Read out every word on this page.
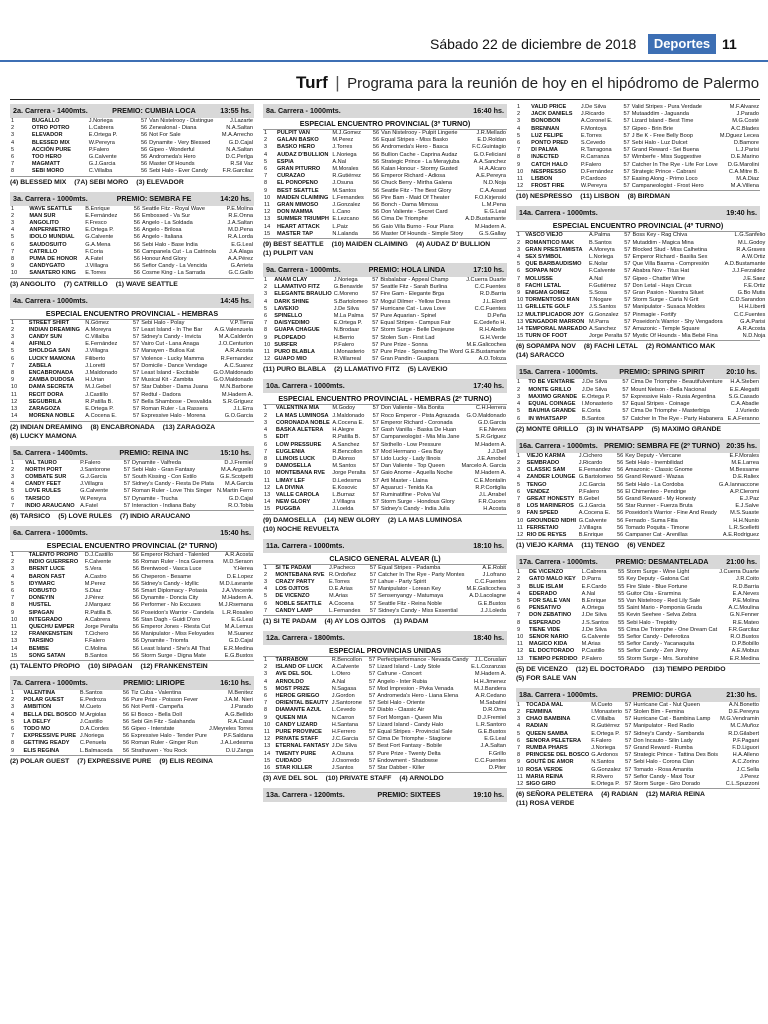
Sábado 22 de diciembre de 2018	Deportes 11
Turf | Programa para la reunión de hoy en el hipódromo de Palermo
2a. Carrera - 1400mts.	PREMIO: CUMBIA LOCA	13:55 hs.
1	BUGALLO	J.Noriega	57	Van Nistelrooy - Distingue	J.Lazarte
2	OTRO POTRO	L.Cabrera	56	Zenealonal - Diana	N.A.Saltan
3	ELEVADOR	E.Ortega P.	56	Not For Sale	M.A.Arrecho
4	BLESSED MIX	W.Pereyra	56	Dynamite - Very Blessed	G.D.Cajal
5	ACCIÓN PURE	P.Falero	56	Gipeo - Wonderful	N.A.Saltan
6	TOO HERO	G.Calvente	56	Andromeda's Hero	D.C.Perlga
7	MAGMATT	G.J.Garcia	56	Master Of Hounds	R.Sil Vaz
8	SEBI MORO	C.Villalba	56	Sebi Halo - Ever Candy	F.R.Garcilaz
(4) BLESSED MIX (7A) SEBI MORO (3) ELEVADOR
3a. Carrera - 1000mts.	PREMIO: SEMBRA FE	14:20 hs.
1	WAVE SEATTLE	B.Enrique	56	Seattle Fitz - Royal Wave	P.E.Molina
2	MAN SUR	E.Fernández	56	Embossed - Va Sur	R.E.Onna
3	ANGOLITO	F.Fresco	56	Angelo - La Soldada	J.A.Saltan
4	ANPERNIETRO	E.Ortega P.	56	Angelo - Brilosa	M.D.Pena
5	IDOLO MUNDIAL	G.Calvente	56	Angelo - Italiana	R.A.Lorda
6	SAUDOSUITO	G.A.Mena	56	Sebi Halo - Base India	E.G.Leal
7	CATRILLO	F.Coria	56	Campanela Cut - La Catrinola	J.A.Alaga
8	PUMA DE HONOR	A.Fatel	56	Honour And Glory	A.A.Pérez
9	CANDYGATO	J.Villagra	56	Sefior Candy - La Vencida	G.Arrieta
10	SANATERO KING	E.Torres	56	Cosme King - La Sarrada	G.C.Gallo
(3) ANGOLITO (7) CATRILLO (1) WAVE SEATTLE
4a. Carrera - 1000mts.	14:45 hs.
ESPECIAL ENCUENTRO PROVINCIAL - HEMBRAS
1	STREET SHIRT	N.Gómez	57	Sebi Halo - Polay	V.P.Tiena
2	INDIAN DREAMING	A.Moreyra	57	Least Island - In The Bar	A.G.Valenzuela
3	CANDY SUN	C.Villalba	57	Sidney's Candy - Invicta	M.A.Calderón
4	AIFINLO	E.Fernández	57	Vairo Cut - Lana Anaga	J.O.Centurion
5	SHOLDGA SAN	J.Villagra	57	Manayen - Bulloa Kat	A.R.Acosta
6	LUCKY MAMONA	Filiberto	57	Violence - Lucky Mamma	R.Fernandez
7	ZABELA	J.Loretti	57	Domicile - Dance Vendage	A.C.Suarez
8	ENCABRONADA	J.Maldonado	57	Least Island - Excitable	G.O.Maldonado
9	ZAMBA DUDOSA	H.Urian	57	Musical Kit - Zambita	G.O.Maldonado
10	DAMA SECRETA	M.J.Gebel	57	Star Dabber - Dama Juana	M.N.Barbone
11	RECIT DORA	J.Castillo	57	Redtul - Dadora	M.Hadern A.
12	SEGUBRILA	R.Patilla B.	57	Bella Shambose - Desvalida	S.R.Griguez
13	ZARAGOZA	E.Ortega P.	57	Roman Ruler - La Rassera	J.L.Erra
14	MORENA NOBLE	A.Cocena E.	57	Expressive Halo - Morena	G.O.Garcia
(2) INDIAN DREAMING (8) ENCABRONADA (13) ZARAGOZA
(6) LUCKY MAMONA
5a. Carrera - 1400mts.	PREMIO: REINA INC	15:10 hs.
1	VAL TAURO	P.Falero	57	Dynamite - Valfreda	D.J.Fremiel
2	NORTH PORT	J.Santorone	57	Sebi Halo - Gran Fantasy	M.A.Arguello
3	COMBATE SUR	G.J.Garcia	57	South Kissing - Con Estilo	G.E.Scotpetti
4	CANDY FEET	J.Villagra	57	Sidney's Candy - Fiesta De Plata	M.A.Garcia
5	LOVE RULES	G.Calvente	57	Roman Ruler - Love This Singer	N.Martin Ferro
6	TARSICO	W.Pereyra	57	Dynamite - Trucha	G.D.Cajal
7	INDIO ARAUCANO	A.Fatel	57	Interaction - Indiana Baby	R.O.Tobia
(6) TARSICO (5) LOVE RULES (7) INDIO ARAUCANO
6a. Carrera - 1000mts.	15:40 hs.
ESPECIAL ENCUENTRO PROVINCIAL (2º TURNO)
1	TALENTO PROPIO	D.J.Castillo	56	Emperor Richard - Talented	A.R.Acosta
2	INDIO GUERRERO	F.Calvente	56	Roman Ruler - Inca Guerrera	M.D.Seraon
3	BRENT LUCE	S.Vera	56	Brentwood - Vasca Luce	Y.Herea
4	BARON FAST	A.Castro	56	Cheperon - Besame	D.E.Lopez
5	IDYMARC	M.Perez	56	Sidney's Candy - Idyllic	M.D.Lavrante
6	ROBUSTO	S.Diaz	56	Smart Diplomacy - Potasia	J.A.Vincente
7	DONEYIN	J.Pérez	56	Dynamite - Doncia City	M.Hadern A.
8	HUSTEL	J.Marquez	56	Performer - No Excuses	M.J.Rsemana
9	SIPAGAN	R.Patilla B.	56	Poseidon's Warrior - Candela	L.R.Rosaleo
10	INTEGRADO	A.Cabrera	56	Stan Dagh - Guidi D'oro	E.G.Leal
11	QUECHU EMPER	Jorge Peralta	56	Emperor Jones - Riesta Cut	M.A.Lemus
12	FRANKENSTEIN	T.Cichero	56	Manipulator - Miss Feloyades	M.Suanez
13	TARSINO	F.Falero	56	Dynamite - Triomfa	G.D.Cajal
14	BEMBE	C.Molina	56	Least Island - She's All That	E.R.Medina
15	SONG SATAN	B.Santos	56	Storm Surge - Digna Mate	E.G.Bustos
(1) TALENTO PROPIO (10) SIPAGAN (12) FRANKENSTEIN
7a. Carrera - 1000mts.	PREMIO: LIRIOPE	16:10 hs.
1	VALENTINA	B.Santos	56	Tiz Cuba - Valentina	M.Benitez
2	POLAR GUEST	E.Pedroza	56	Pure Prize - Poisson Fever	J.A.M. Nieri
3	AMBITION	M.Cueto	56	Not Perfil - Campeña	J.Parado
4	BELLA DEL BOSCO	M.Argiolas	56	El Bosco - Bella Doll	A.G.Bellido
5	LA DELFY	J.Castillo	56	Sebi Gin Fitz - Salahanda	R.A.Casal
6	TODO MO	D.A.Cordes	56	Gipeo - Interstate	J.Meyreles Torres
7	EXPRESSIVE PURE	J.Noriega	56	Expressive Halo - Tender Pure	P.F.Saldana
8	GETTING READY	C.Penuela	56	Roman Ruler - Ginger Run	J.A.Ledesma
9	ELIS REGINA	L.Balmaceda	56	Strathaven - You Rock	D.U.Zanga
(2) POLAR GUEST (7) EXPRESSIVE PURE (9) ELIS REGINA
8a. Carrera - 1000mts.	16:40 hs.
ESPECIAL ENCUENTRO PROVINCIAL (3º TURNO)
1	PULPIT VAN	M.J.Gomez	56	Van Nistelrooy - Pulpit Lingerie	J.R.Mellado
2	GALAN BASKO	M.Perez	56	Equal Stripes - Miss Basko	E.D.Roldan
3	BASKO HERO	J.Torres	56	Andromeda's Hero - Basca	F.C.Guintagio
4	AUDAZ D'BULLION	L.Noriega	56	Bullion Cache - Caprina Audaz	G.O.Feliciani
5	ESPIA	A.Nal	56	Strategic Prince - La Merayjuba	A.A.Sanchez
6	GRAN PITURRO	M.Morales	56	Kalan Honour - Stormy Gusted	H.A.Alcaro
7	CURAZAO	R.Gutiérrez	56	Emperor Richard - Adiosa	A.E.Pereyra
8	EL PONOPENO	J.Osuna	56	Chuck Berry - Mirtha Galena	N.D.Noja
9	BEST SEATTLE	M.Santos	56	Seattle Fitz - The Best Glory	C.A.Assad
10	MAIDEN CLAIMING	L.Fernandes	56	Pire Bam - Maid Of Theater	F.O.Kirjenski
11	GRAN MIMOSO	J.Gonzalez	56	Bonch - Dama Mimosa	L.M.Pena
12	DON MAMMA	L.Cano	56	Don Valiente - Secret Card	E.G.Leal
13	SUMMER TRIUMPH	E.Lezcano	56	Cima De Triomphe	A.D.Bustamante
14	HEART ATTACK	L.Paiz	56	Gaio Villa Burno - Four Plans	M.Hadern A.
15	MASTER TAP	N.Lalanda	56	Master Of Hounds - Simple Story	G.S.Gallay
(9) BEST SEATTLE (10) MAIDEN CLAIMING (4) AUDAZ D' BULLION
(1) PULPIT VAN
9a. Carrera - 1000mts.	PREMIO: HOLA LINDA	17:10 hs.
1	ANAM CLAY	J.Noriega	57	Bisbalabar - Appeal Champ	J.Cuerra Duarte
2	LLAMATIVO FITZ	G.Benavide	57	Seattle Fitz - Sarah Burlina	C.C.Fuentes
3	ELEGANTE BRAULIO	C.Moreno	57	Fire Gam - Elegante Brga	R.D.Barria
4	DARK SHINE	S.Bartolomeo	57	Mogul Dilmer - Yellow Dress	J.L.Elordi
5	LAVEKIO	J.De Silva	57	Hurricane Cat - Lava Love	C.C.Fuentes
6	SPINELLO	M.La Palma	57	Pure Aquarian - Spinel	D.Peña
7	DAISYEDIMO	E.Ortega P.	57	Equal Stripes - Campus Fair	E.Cedeño H.
8	GUAPA CHAGUE	N.Brodaar	57	Storm Surge - Belle Desjeune	R.H.Abello
9	PLOPEADO	H.Berrio	57	Stolen Sun - First Lad	G.H.Verde
10	SURFER	P.Falero	57	Pure Prize - Sonna	M.E.Galicochea
11	PURO BLABLA	I.Monasterio	57	Pure Prize - Spreading The Word	G.E.Bustamante
12	GUAPO MIO	R.Villarreal	57	Gran Pandin - Guapara	A.O.Toloza
(11) PURO BLABLA (2) LLAMATIVO FITZ (5) LAVEKIO
10a. Carrera - 1000mts.	17:40 hs.
ESPECIAL ENCUENTRO PROVINCIAL - HEMBRAS (2º TURNO)
1	VALENTINA MIA	M.Godoy	57	Don Valiente - Mia Bonita	C.H.Herrera
2	LA MAS LUMINOSA	J.Maldonado	57	Roco Emperor - Pista Agrazada	G.O.Maldonado
3	CORONADA NOBLE	A.Cocena E.	57	Emperor Richard - Coronada	G.D.Garcia
4	BASKA ALETERA	H.Alegre	57	Gash Vanilla - Baska De Huan	F.E.Nieves
5	EDIT	R.Patilla B.	57	Campaneologist - Mia Mia Jane	S.R.Griguez
6	LOW PRESSURE	A.Sanchez	57	Sixthello - Low Pressure	M.Hadern A.
7	EUGLENIA	R.Bencollon	57	Mod Hermano - Gea Bay	J.J.Dell
8	LLINOIS LUCK	D.Alonso	57	Lido Lucky - Lady Ilinois	J.E.Arnobel
9	DAMOSELLA	M.Santos	57	Dan Valiente - Top Queen	Marcelo A. Garcia
10	MONTEBANA RVE	Jorge Peralta	57	Gaio Anome - Aquella Noche	M.Hadern A.
11	LIMAY LEF	D.Ledesma	57	Arti Master - Llaina	C.E.Montalin
12	LA DIVINA	E.Kosovic	57	Aquaruci - Tenida Ka	R.P.Cortiglia
13	VALLE CAROLA	L.Burnaz	57	Ruminatifine - Polva Val	J.L.Arrabel
14	NEW GLORY	J.Villagra	57	Storm Surge - Hondous Glory	F.R.Cucers
15	PUGGBA	J.Loelda	57	Sidney's Candy - India Julia	H.Acosta
(9) DAMOSELLA (14) NEW GLORY (2) LA MAS LUMINOSA
(10) NOCHE REVUELTA
11a. Carrera - 1000mts.	18:10 hs.
CLASICO GENERAL ALVEAR (L)
1	SI TE PADAM	J.Pacheco	57	Equal Stripes - Padamba	A.E.Robit
2	MONTEBANA RVE	R.Ordoñez	57	Catcher In The Rye - Party Montes	J.Lofrano
3	CRAZY PARTY	E.Torres	57	Lahue - Party Spirit	C.C.Fuentes
4	LOS OJITOS	D.E.Arias	57	Manipulator - Lorean Key	M.E.Galicochea
5	DE VICENZO	M.Arias	57	Sensenyangy - Matumaya	A.D.Lacolagne
6	NOBLE SEATTLE	A.Cocena	57	Seattle Fitz - Reina Noble	G.E.Bustos
7	CANDY LAMP	L.Fernandes	57	Sidney's Candy - Miss Essential	J.J.Loleda
(1) SI TE PADAM (4) AY LOS OJITOS (1) PADAM
12a. Carrera - 1800mts.	18:40 hs.
ESPECIAL PROVINCIAS UNIDAS
1	TARRABOM	R.Bencollon	57	Perfectperformance - Nevada Candy	J.L.Coruslan
2	ISLAND OF LUCK	A.Calvente	57	Lizard Island - Lady Stole	E.L.Cozanzas
3	AVE DEL SOL	L.Otero	57	Cafrune - Concert	M.Hadern A.
4	ARNOLDO	A.Nal	57	Angelo - Inter Rubia	H.H.Jimenez
5	MOST PRIZE	N.Sagasa	57	Mod Impresion - Pivka Venada	M.J.Bandera
6	HEROE GRIEGO	J.Gordon	57	Andromeda's Hero - Liana Elena	A.R.Cedano
7	ORIENTAL BEAUTY	J.Santorone	57	Sebi Halo - Oriente	M.Sabatini
8	DIAMANTE AZUL	L.Cevedo	57	Diablo - Classic Air	D.R.Oma
9	QUEEN MIA	N.Carron	57	Fort Morrgan - Queen Mia	D.J.Fremiel
10	CANDY LIZARD	H.Santana	57	Lizard Island - Candy Halo	L.R.Santoro
11	PURE PROVINCE	H.Ferrero	57	Equal Stripes - Provincial Sale	G.E.Bustos
12	PRIVATE STAFF	J.C.Garcia	57	Cima De Triomphe - Stagione	E.G.Leal
13	ETERNAL FANTASY	J.De Silva	57	Best Fort Fantasy - Bobile	J.A.Saltan
14	TWENTY PURE	A.Osuna	57	Pure Prize - Twenty Delta	F.Grillo
15	CUIDADO	J.Osorredo	57	Endowment - Shadowse	C.C.Fuentes
16	STAR KILLER	J.Santos	57	Star Dabber - Killer	D.Piter
(3) AVE DEL SOL (10) PRIVATE STAFF (4) ARNOLDO
13a. Carrera - 1200mts.	PREMIO: SIXTEES	19:10 hs.
1	VALID PRICE	J.De Silva	57	Valid Stripes - Pura Verdade	M.F.Alvarez
2	JACK DANIELS	J.Ricardo	57	Mutaaddim - Jaguanda	J.Parado
3	BONOBON	A.Coronel E.	57	Lizard Island - Best Time	M.G.Costé
4	BRENNAN	F.Montoya	57	Gipeo - Brin Brie	A.C.Blades
5	LUZ FELIPE	E.Torres	57	J Be K - Free Belly Boop	M.Dguez Lecea
6	PONTO PRED	S.Cevedo	57	Sebi Halo - Luz Dulcet	D.Bamore
7	DI PALMA	R.Tarragona	57	Grand Reward - Sei Buena	L.J.Parisi
8	INJECTED	R.Carranza	57	Wimberfe - Miss Suggestive	D.E.Marino
9	CATCH HALO	P.Falero	57	Catcher In The Rye - Life For Love	D.G.Marolini
10	NESPRESSO	D.Fernández	57	Strategic Prince - Cabrani	C.A.Mitre B.
11	LISBON	P.Cardozo	57	Easing Along - Primo Loco	M.A.Diaz
12	FROST FIRE	W.Pereyra	57	Campaneologist - Frost Hero	M.A.Villena
(10) NESPRESSO (11) LISBON (8) BIRDMAN
14a. Carrera - 1000mts.	19:40 hs.
ESPECIAL ENCUENTRO PROVINCIAL (4º TURNO)
1	VASCO VIEJO	A.Palma	57	Boss Key - Rag Chiva	L.G.Sanfelio
2	ROMANTICO MAK	B.Santos	57	Mutaddim - Magica Mina	M.L.Godoy
3	GRAN PRESTAMISTA	A.Moreyra	57	Blocked Stud - Miss Calhetina	R.A.Graves
4	SEX SYMBOL	L.Noriega	57	Emperor Richard - Basilia Sex	A.W.Ortiz
5	QUE BARBAUDISMO	E.Nolar	57	Que Villa Basma - Compresión	A.D.Bustamante
6	SOPAPA NOV	F.Calvente	57	Ababra Nov - Titus Hat	J.J.Ferzaldez
7	MOLUSSE	A.Nal	57	Gipeo - Chatter Wine	J.E.Saez
8	FACHI LETAL	F.Gutiérrez	57	Don Letal - Hays Circus	F.E.Ortiz
9	ENIGMA GOMEZ	S.Sosa	57	Gran Pasion - Nuestra Siluet	G.Bo Mutis
10	TORMENTOSO MAN	T.Nogare	57	Storm Surge - Caria N Grit	C.D.Sarandon
11	GRILLETE GOLF	J.S.Santos	57	Manipulator - Susaca Moldes	H.H.Liberti
12	MULTIPLICADOR JOY	G.Gonzalez	57	Pinmagie - Fortify	C.C.Fuentes
13	VENGADOR MARRON	M.Parra	57	Poseidon's Warrior - Shy Vengadora	G.A.Parisi
14	TEMPORAL MAREADO	A.Sanchez	57	Amazonic - Temple Square	A.R.Acosta
15	TURN OF FOOT	Jorge Peralta	57	Mystic Of Hounds - Mia Bebé Fina	N.D.Noja
(6) SOPAMPA NOV (8) FACHI LETAL (2) ROMANTICO MAK
(14) SARACCO
15a. Carrera - 1000mts.	PREMIO: SPRING SPIRIT	20:10 hs.
1	TO BE VENTARIE	J.De Silva	57	Cima De Triomphe - Beautifulventure	H.A.Steben
2	MONTE GRILLO	J.De Silva	57	Mount Nelson - Bella Nacional	E.E.Alegatti
3	MAXIMO GRANDE	E.Ortega P.	57	Expressive Halo - Rusia Argentina	S.G.Casado
4	EQUAL COINAGE	I.Monasterio	57	Equal Stripes - Coinage	C.A.Abadie
5	BAUHIA GRANDE	E.Coria	57	Cima De Triomphe - Masterbiga	J.Vuriedo
6	IN WHATSAPP	B.Santos	57	Catcher In The Rye - Party Habanera	E.A.Feranno
(2) MONTE GRILLO (3) IN WHATSAPP (5) MAXIMO GRANDE
16a. Carrera - 1000mts. PREMIO: SEMBRA FE (2º TURNO) 20:35 hs.
1	VIEJO KARMA	J.Cichero	56	Key Deputy - Viercane	E.F.Morales
2	SEMBRADO	J.Ricardo	56	Sebi Halo - Inembilidad	M.E.Larrea
3	CLASSIC SAM	E.Fernandez	56	Amazonic - Classic Gnome	M.Bessame
4	ZANDER LOUNGE	G.Bartolomeo	56	Grand Reward - Wazaa	D.E.Raliex
5	TENGO	J.C.Garcia	56	Sebi Halo - La Cordoba	G.A.Iannaccone
6	VENDEZ	P.Falero	56	El Chimenteo - Pendrige	A.P.Cleromi
7	GREAT HONESTY	B.Gebel	56	Grand Reward - My Honesty	E.J.Paz
8	LOS MARINEROS	G.J.Garcia	56	Star Runner - Fuerza Bruta	E.J.Salve
9	FAN SPEED	A.Cocena E.	56	Poseidon's Warrior - Fine And Ready	M.S.Suaste
10	GROUNDED NIDHI	G.Calvente	56	Fernado - Suma Fitia	H.H.Nunio
11	FERRETAIO	J.Villagra	56	Tomado Poquita - Timone	L.R.Scelletti
12	RIO DE REYES	B.Enrique	56	Campaner Cat - Arenillas	A.E.Rodriguez
(1) VIEJO KARMA (11) TENGO (6) VENDEZ
17a. Carrera - 1000mts. PREMIO: DESMANTELADA 21:00 hs.
1	DE VICENZO	L.Cabrera	55	Storm Surge - Wine Light	J.Cuerra Duarte
2	GATO MALO KEY	D.Parra	55	Key Deputy - Gatona Cat	J.R.Coito
3	BLUE ISLAM	E.F.Cardo	55	Fire Slate - Blue Fortune	R.D.Barria
4	EDERADO	A.Nal	55	Guitor Cita - Erarmina	E.A.Neves
5	FOR SALE VAN	B.Enrique	55	Van Nistelrooy - Red Lily Sale	P.E.Molina
6	PENSATIVO	A.Ortega	55	Saint Mario - Pomponia Grada	A.C.Moulina
7	DON ZEBATINO	J.De Silva	55	Kevin Seehee - Selva Zebra	G.N.Fenner
8	ESPERADO	J.S.Santos	55	Sebi Halo - Trepidity	R.E.Mateo
9	TIENE VIDE	J.De Silva	55	Cima De Triomphe - One Dream Cat	F.R.Garcilaz
10	SENOR NARIO	G.Calvente	55	Sefior Candy - Deferotiza	R.O.Bustos
11	MAGICO KIDA	M.Arias	55	Sefior Candy - Yacanaquita	D.P.Bobillo
12	EL DOCTORADO	P.Castillo	55	Sefior Candy - Zen Jinny	A.E.Mobus
13	TIEMPO PERDIDO	P.Falero	55	Storm Surge - Mrs. Sunshine	E.R.Medina
(5) DE VICENZO (12) EL DOCTORADO (13) TIEMPO PERDIDO
(5) FOR SALE VAN
18a. Carrera - 1000mts.	PREMIO: DURGA	21:30 hs.
1	TOCADA MAL	M.Cueto	57	Hurricane Cat - Nut Queen	A.N.Bonetto
2	FEMMINA	I.Monasterio	57	Stolen Bim - Femina	D.E.Pereyra
3	CHAO BAMBINA	C.Villalba	57	Hurricane Cat - Bambina Lamp	M.G.Vendramin
4	RADIAN	R.Gutiérrez	57	Manipulator - Red Radio	M.C.Muñoz
5	QUEEN SAMBA	E.Ortega P.	57	Sidney's Candy - Sambanda	R.D.Gilabert
6	SENORA PELETERA	F.Falero	57	Don Incauto - Silin Lady	P.F.Pagani
7	RUMBA PHARS	J.Noriega	57	Grand Reward - Rumba	F.D.Liguori
8	PRINCESE DEL BOSCO	G.Ardonos	57	Strategic Prince - Tattina Des Bois	H.A.Alleno
9	GOUTÉ DE AMOR	N.Santos	57	Sebi Halo - Corona Clan	A.C.Zorino
10	ROSA VERDE	G.Gonzalez	57	Tomado - Rosa Amanita	J.C.Sella
11	MARIA REINA	R.Rivero	57	Sefior Candy - Maxi Tour	J.Perez
12	SIGO GIRO	E.Ortega P.	57	Storm Surge - Giro Dorado	C.L.Spuzzoni
(6) SEÑORA PELETERA (4) RADIAN (12) MARIA REINA
(11) ROSA VERDE
